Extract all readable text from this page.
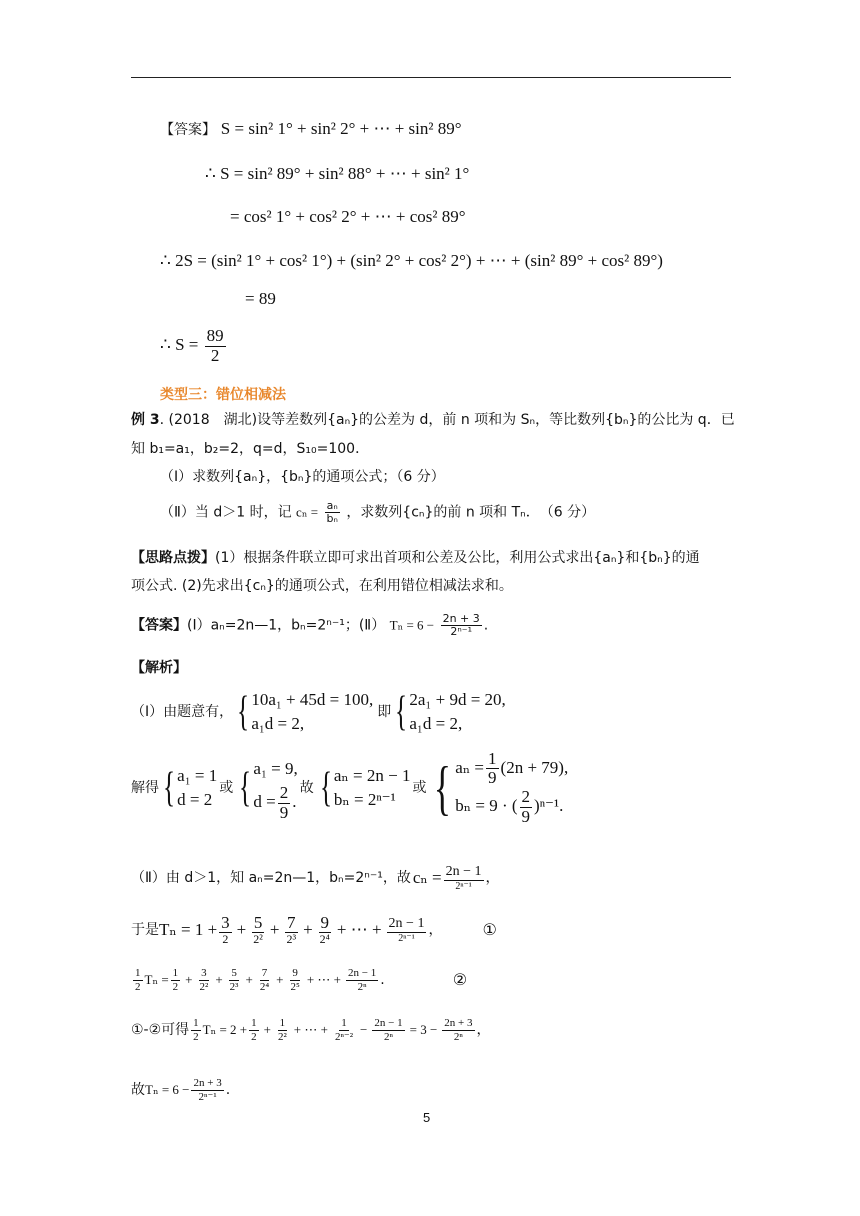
【答案】 S = sin² 1° + sin² 2° + ⋯ + sin² 89°
∴ S = sin² 89° + sin² 88° + ⋯ + sin² 1°
= cos² 1° + cos² 2° + ⋯ + cos² 89°
∴ 2S = (sin² 1° + cos² 1°) + (sin² 2° + cos² 2°) + ⋯ + (sin² 89° + cos² 89°)
= 89
∴ $S = \frac{89}{2}$
类型三：错位相减法
例 3. (2018　湖北)设等差数列{aₙ}的公差为 d，前 n 项和为 Sₙ，等比数列{bₙ}的公比为 q．已
知 b₁=a₁，b₂=2，q=d，S₁₀=100．
（Ⅰ）求数列{aₙ}，{bₙ}的通项公式；（6 分）
（Ⅱ）当 d＞1 时，记 $c_n = \frac{\text{aₙ}}{\text{bₙ}}$ ，求数列{cₙ}的前 n 项和 Tₙ．　（6 分）
【思路点拨】(1）根据条件联立即可求出首项和公差及公比，利用公式求出{aₙ}和{bₙ}的通
项公式. (2)先求出{cₙ}的通项公式，在利用错位相减法求和。
【答案】(Ⅰ）aₙ=2n—1，bₙ=2ⁿ⁻¹；(Ⅱ） $T_n = 6 - \frac{2n + 3}{\text{2ⁿ⁻¹}}$ .
【解析】
（Ⅰ）由题意有， { 10a₁ + 45d = 100,
a₁d = 2,
即 { 2a₁ + 9d = 20,
a₁d = 2,
解得 { a₁ = 1
d = 2
或 { a₁ = 9,
$d = \frac{2}{9}$ .
故 { aₙ = 2n − 1
bₙ = 2ⁿ⁻¹
或 { $a_n = \frac{1}{9} (2n + 79)$,
bₙ = 9 · ( $\frac{2}{9} )^{n-1}$.
（Ⅱ）由 d＞1，知 aₙ=2n—1，bₙ=2ⁿ⁻¹，故 $c_n = \frac{2n - 1}{\text{2ⁿ⁻¹}}$ ，
于是 $T_n = 1 + \frac{3}{2} + \frac{5}{\text{2²}} + \frac{7}{\text{2³}} + \frac{9}{\text{2⁴}}$ + ⋯ + $\frac{2n - 1}{\text{2ⁿ⁻¹}}$ ，	①
$\frac{1}{2}$ $T_n = \frac{1}{2} + \frac{3}{\text{2²}} + \frac{5}{\text{2³}} + \frac{7}{\text{2⁴}} + \frac{9}{\text{2⁵}}$ + ⋯ + $\frac{2n - 1}{\text{2ⁿ}}$ .	②
①-②可得 $\frac{1}{2}$ $T_n = 2 + \frac{1}{2} + \frac{1}{\text{2²}}$ + ⋯ + $\frac{1}{\text{2ⁿ⁻²}} - \frac{2n - 1}{\text{2ⁿ}} = 3 - \frac{2n + 3}{\text{2ⁿ}}$ ，
故 $T_n = 6 - \frac{2n + 3}{\text{2ⁿ⁻¹}}$ .
5
